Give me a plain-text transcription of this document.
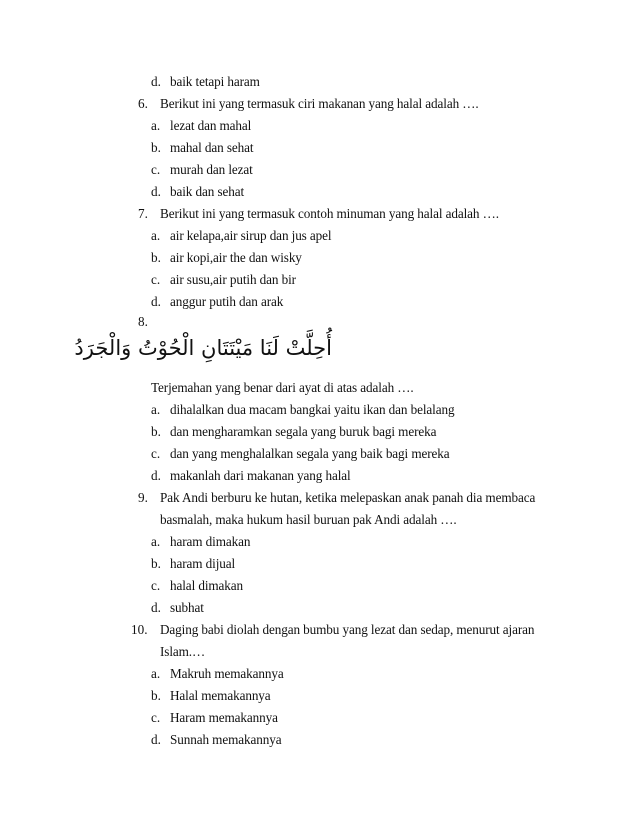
d. baik tetapi haram
6. Berikut ini yang termasuk ciri makanan yang halal adalah ….
a. lezat dan mahal
b. mahal dan sehat
c. murah dan lezat
d. baik dan sehat
7. Berikut ini yang termasuk contoh minuman yang halal adalah ….
a. air kelapa,air sirup dan jus apel
b. air kopi,air the dan wisky
c. air susu,air putih dan bir
d. anggur putih dan arak
8.
أُحِلَّتْ لَنَا مَيْتَتَانِ الْحُوْتُ وَالْجَرَدُ
Terjemahan yang benar dari ayat di atas adalah ….
a. dihalalkan dua macam bangkai yaitu ikan dan belalang
b. dan mengharamkan segala yang buruk bagi mereka
c. dan yang menghalalkan segala yang baik bagi mereka
d. makanlah dari makanan yang halal
9. Pak Andi berburu ke hutan, ketika melepaskan anak panah dia membaca
basmalah, maka hukum hasil buruan pak Andi adalah ….
a. haram dimakan
b. haram dijual
c. halal dimakan
d. subhat
10. Daging babi diolah dengan bumbu yang lezat dan sedap, menurut ajaran
Islam.…
a. Makruh memakannya
b. Halal memakannya
c. Haram memakannya
d. Sunnah memakannya
